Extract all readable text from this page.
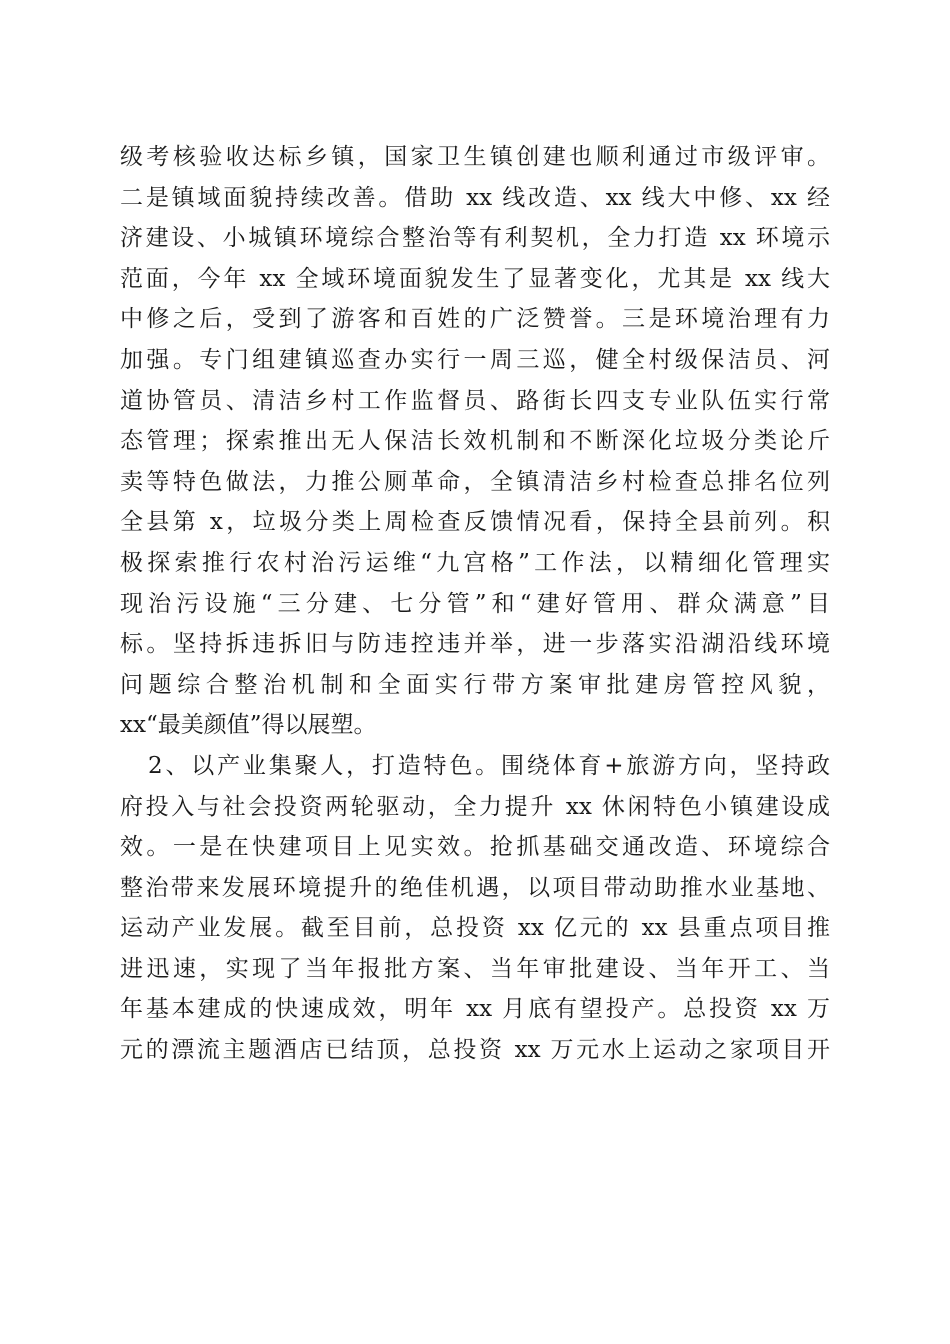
级考核验收达标乡镇，国家卫生镇创建也顺利通过市级评审。
二是镇域面貌持续改善。借助 xx 线改造、xx 线大中修、xx 经
济建设、小城镇环境综合整治等有利契机，全力打造 xx 环境示
范面，今年 xx 全域环境面貌发生了显著变化，尤其是 xx 线大
中修之后，受到了游客和百姓的广泛赞誉。三是环境治理有力
加强。专门组建镇巡查办实行一周三巡，健全村级保洁员、河
道协管员、清洁乡村工作监督员、路街长四支专业队伍实行常
态管理；探索推出无人保洁长效机制和不断深化垃圾分类论斤
卖等特色做法，力推公厕革命，全镇清洁乡村检查总排名位列
全县第 x，垃圾分类上周检查反馈情况看，保持全县前列。积
极探索推行农村治污运维“九宫格”工作法，以精细化管理实
现治污设施“三分建、七分管”和“建好管用、群众满意”目
标。坚持拆违拆旧与防违控违并举，进一步落实沿湖沿线环境
问题综合整治机制和全面实行带方案审批建房管控风貌，
xx“最美颜值”得以展塑。
2、以产业集聚人，打造特色。围绕体育+旅游方向，坚持政
府投入与社会投资两轮驱动，全力提升 xx 休闲特色小镇建设成
效。一是在快建项目上见实效。抢抓基础交通改造、环境综合
整治带来发展环境提升的绝佳机遇，以项目带动助推水业基地、
运动产业发展。截至目前，总投资 xx 亿元的 xx 县重点项目推
进迅速，实现了当年报批方案、当年审批建设、当年开工、当
年基本建成的快速成效，明年 xx 月底有望投产。总投资 xx 万
元的漂流主题酒店已结顶，总投资 xx 万元水上运动之家项目开
